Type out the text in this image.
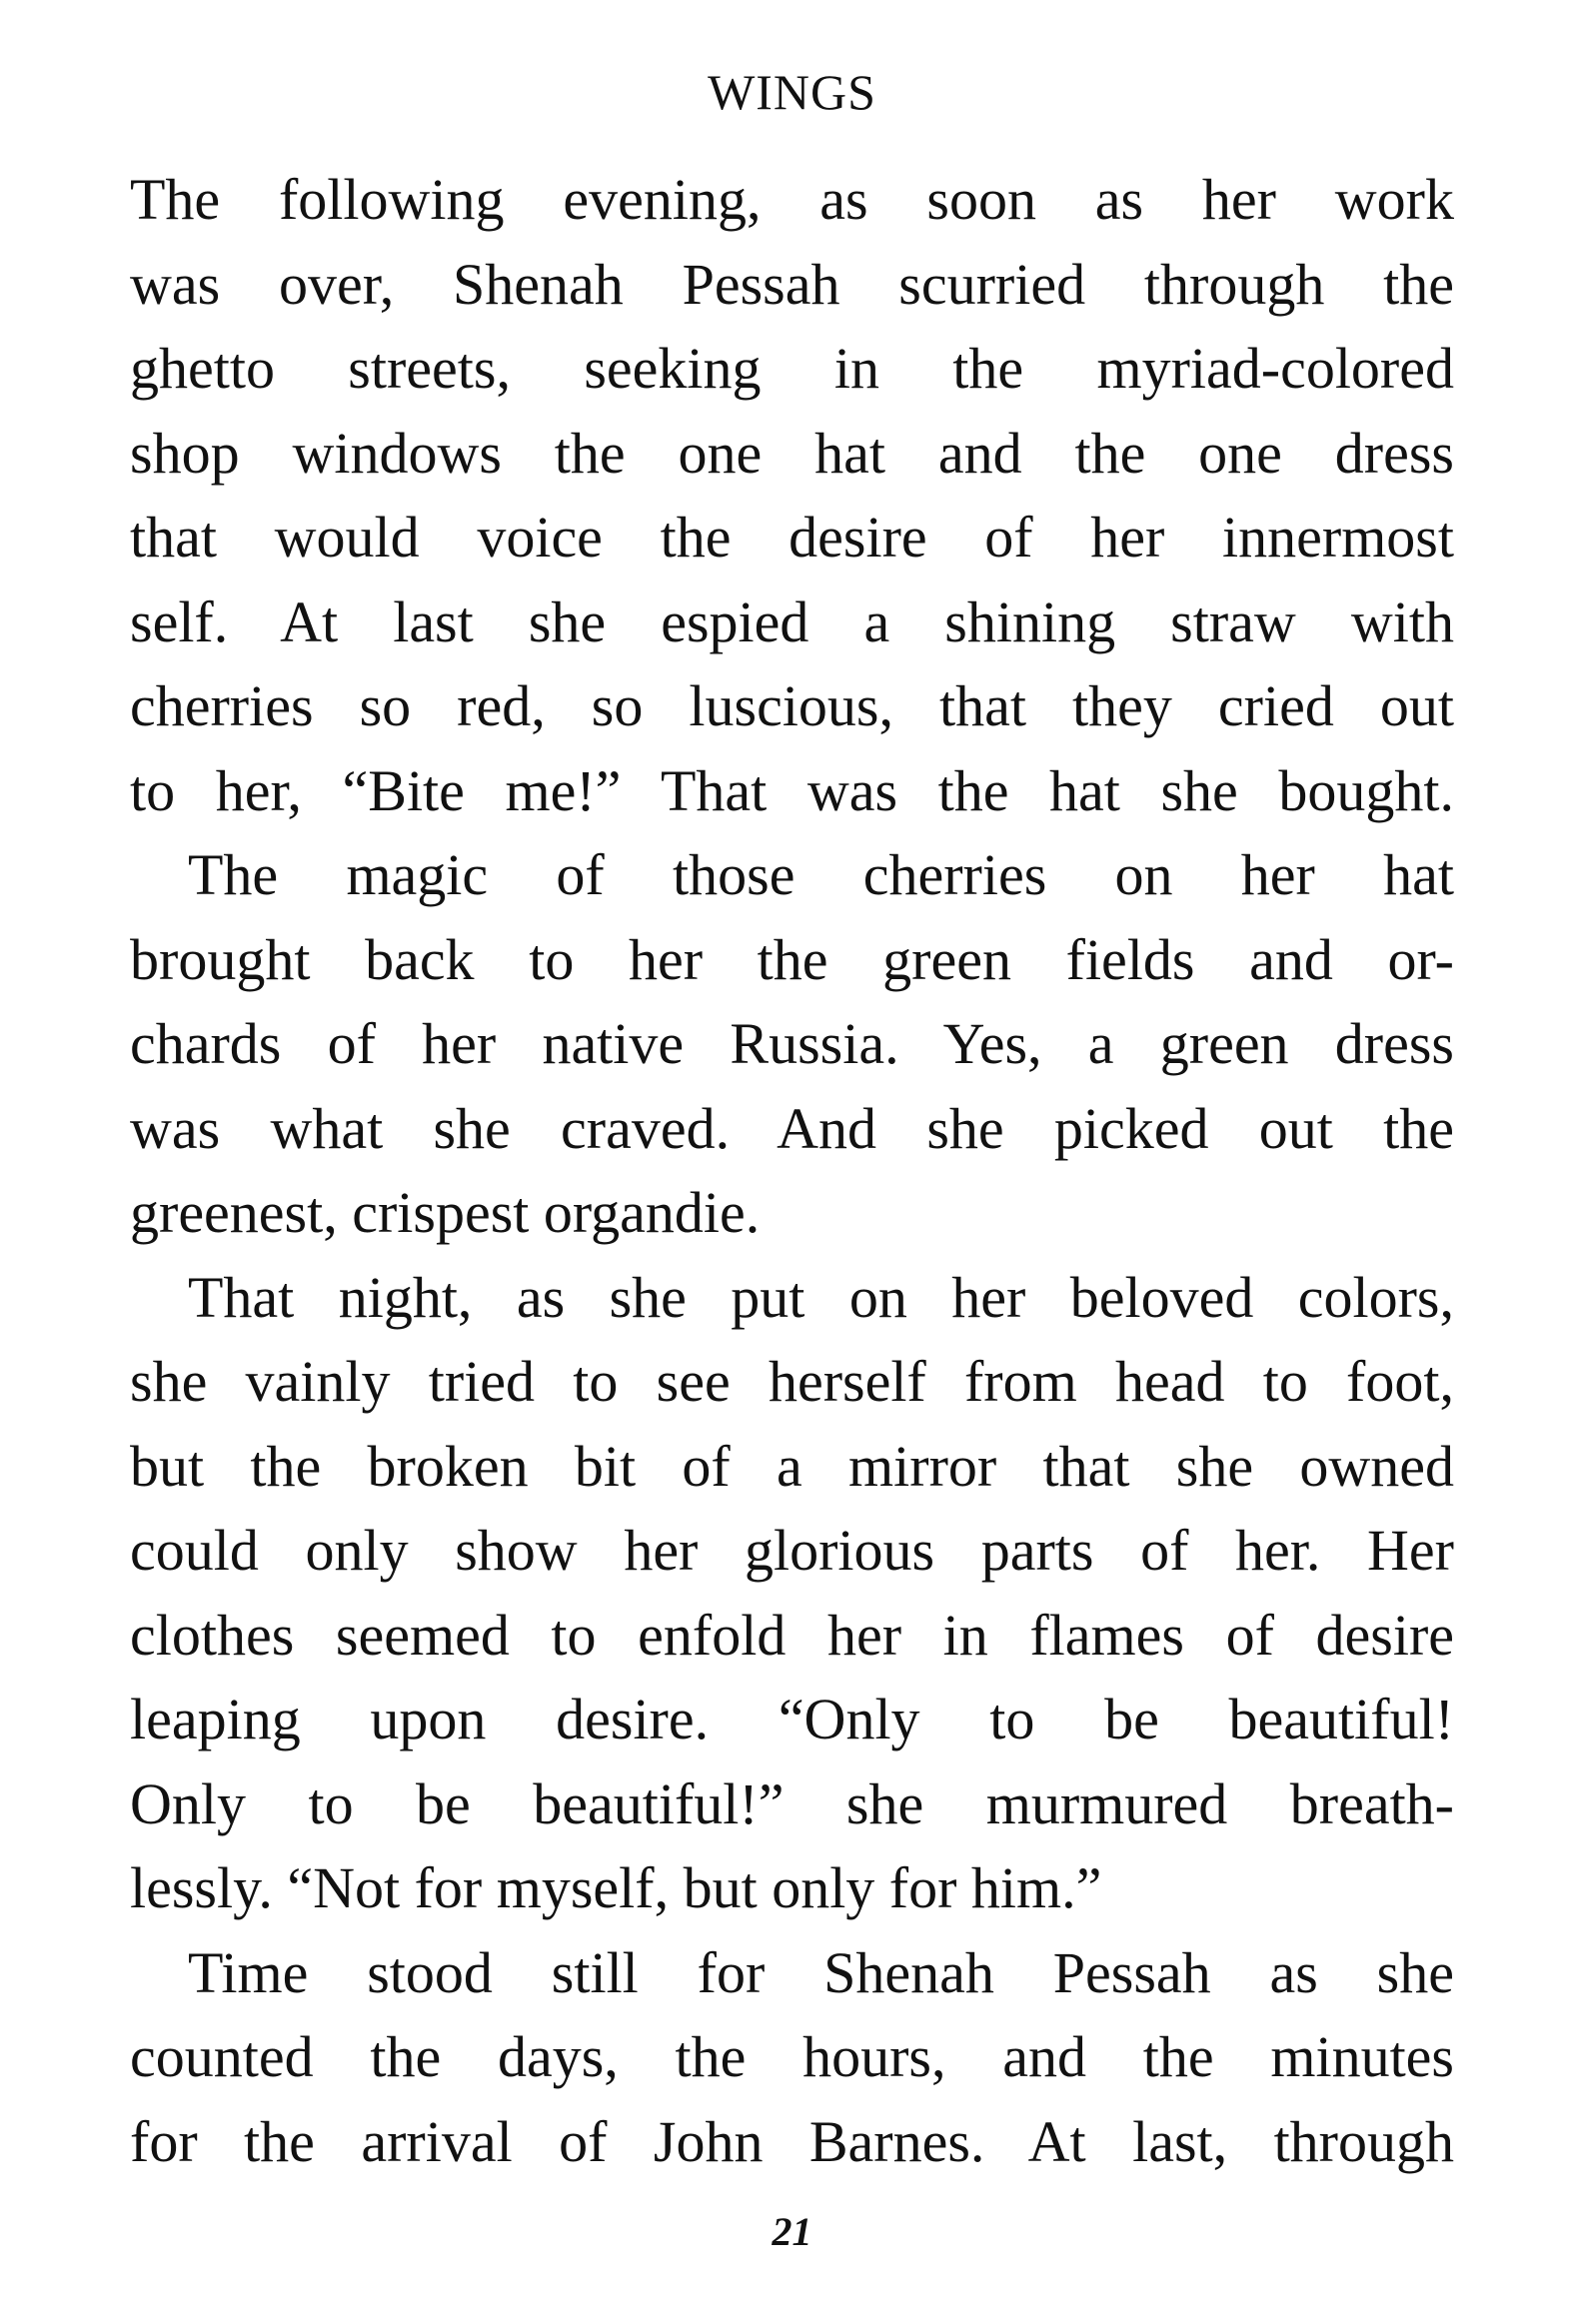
WINGS
The following evening, as soon as her work
was over, Shenah Pessah scurried through the
ghetto streets, seeking in the myriad-colored
shop windows the one hat and the one dress
that would voice the desire of her innermost
self. At last she espied a shining straw with
cherries so red, so luscious, that they cried out
to her, “Bite me!” That was the hat she bought.
The magic of those cherries on her hat
brought back to her the green fields and or-
chards of her native Russia. Yes, a green dress
was what she craved. And she picked out the
greenest, crispest organdie.
That night, as she put on her beloved colors,
she vainly tried to see herself from head to foot,
but the broken bit of a mirror that she owned
could only show her glorious parts of her. Her
clothes seemed to enfold her in flames of desire
leaping upon desire. “Only to be beautiful!
Only to be beautiful!” she murmured breath-
lessly. “Not for myself, but only for him.”
Time stood still for Shenah Pessah as she
counted the days, the hours, and the minutes
for the arrival of John Barnes. At last, through
21
